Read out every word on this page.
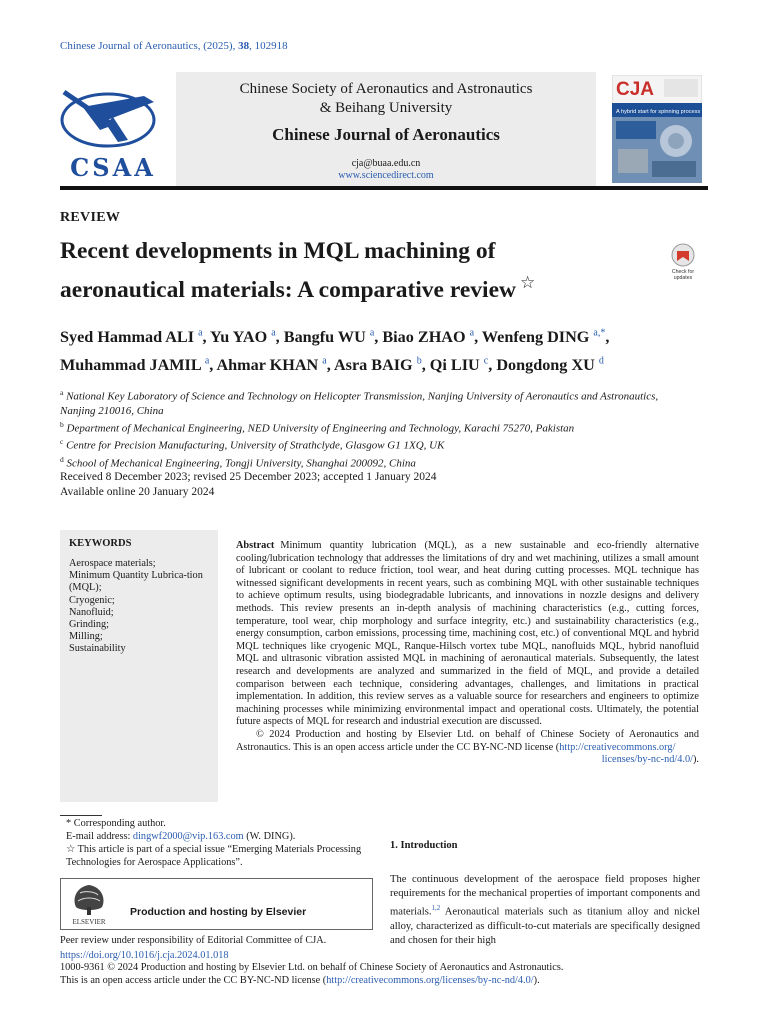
Chinese Journal of Aeronautics, (2025), 38, 102918
CSAA
Chinese Society of Aeronautics and Astronautics
& Beihang University
Chinese Journal of Aeronautics
cja@buaa.edu.cn
www.sciencedirect.com
CJA
A hybrid start for spinning process
REVIEW
Recent developments in MQL machining of
aeronautical materials: A comparative review ☆
Check for
updates
Syed Hammad ALI $^a$, Yu YAO $^a$, Bangfu WU $^a$, Biao ZHAO $^a$, Wenfeng DING $^{a,*}$,
Muhammad JAMIL $^a$, Ahmar KHAN $^a$, Asra BAIG $^b$, Qi LIU $^c$, Dongdong XU $^d$
$^a$ National Key Laboratory of Science and Technology on Helicopter Transmission, Nanjing University of Aeronautics and Astronautics, Nanjing 210016, China
$^b$ Department of Mechanical Engineering, NED University of Engineering and Technology, Karachi 75270, Pakistan
$^c$ Centre for Precision Manufacturing, University of Strathclyde, Glasgow G1 1XQ, UK
$^d$ School of Mechanical Engineering, Tongji University, Shanghai 200092, China
Received 8 December 2023; revised 25 December 2023; accepted 1 January 2024
Available online 20 January 2024
KEYWORDS
Aerospace materials;
Minimum Quantity Lubrica-tion (MQL);
Cryogenic;
Nanofluid;
Grinding;
Milling;
Sustainability
Abstract Minimum quantity lubrication (MQL), as a new sustainable and eco-friendly alternative cooling/lubrication technology that addresses the limitations of dry and wet machining, utilizes a small amount of lubricant or coolant to reduce friction, tool wear, and heat during cutting processes. MQL technique has witnessed significant developments in recent years, such as combining MQL with other sustainable techniques to achieve optimum results, using biodegradable lubricants, and innovations in nozzle designs and delivery methods. This review presents an in-depth analysis of machining characteristics (e.g., cutting forces, temperature, tool wear, chip morphology and surface integrity, etc.) and sustainability characteristics (e.g., energy consumption, carbon emissions, processing time, machining cost, etc.) of conventional MQL and hybrid MQL techniques like cryogenic MQL, Ranque-Hilsch vortex tube MQL, nanofluids MQL, hybrid nanofluid MQL and ultrasonic vibration assisted MQL in machining of aeronautical materials. Subsequently, the latest research and developments are analyzed and summarized in the field of MQL, and provide a detailed comparison between each technique, considering advantages, challenges, and limitations in practical implementation. In addition, this review serves as a valuable source for researchers and engineers to optimize machining processes while minimizing environmental impact and operational costs. Ultimately, the potential future aspects of MQL for research and industrial execution are discussed.
© 2024 Production and hosting by Elsevier Ltd. on behalf of Chinese Society of Aeronautics and Astronautics. This is an open access article under the CC BY-NC-ND license (http://creativecommons.org/
licenses/by-nc-nd/4.0/).
* Corresponding author.
E-mail address: dingwf2000@vip.163.com (W. DING).
☆ This article is part of a special issue “Emerging Materials Processing Technologies for Aerospace Applications”.
ELSEVIER
Production and hosting by Elsevier
Peer review under responsibility of Editorial Committee of CJA.
1. Introduction
The continuous development of the aerospace field proposes higher requirements for the mechanical properties of important components and materials.$^{1,2}$ Aeronautical materials such as titanium alloy and nickel alloy, characterized as difficult-to-cut materials are specifically designed and chosen for their high
https://doi.org/10.1016/j.cja.2024.01.018
1000-9361 © 2024 Production and hosting by Elsevier Ltd. on behalf of Chinese Society of Aeronautics and Astronautics.
This is an open access article under the CC BY-NC-ND license (http://creativecommons.org/licenses/by-nc-nd/4.0/).
